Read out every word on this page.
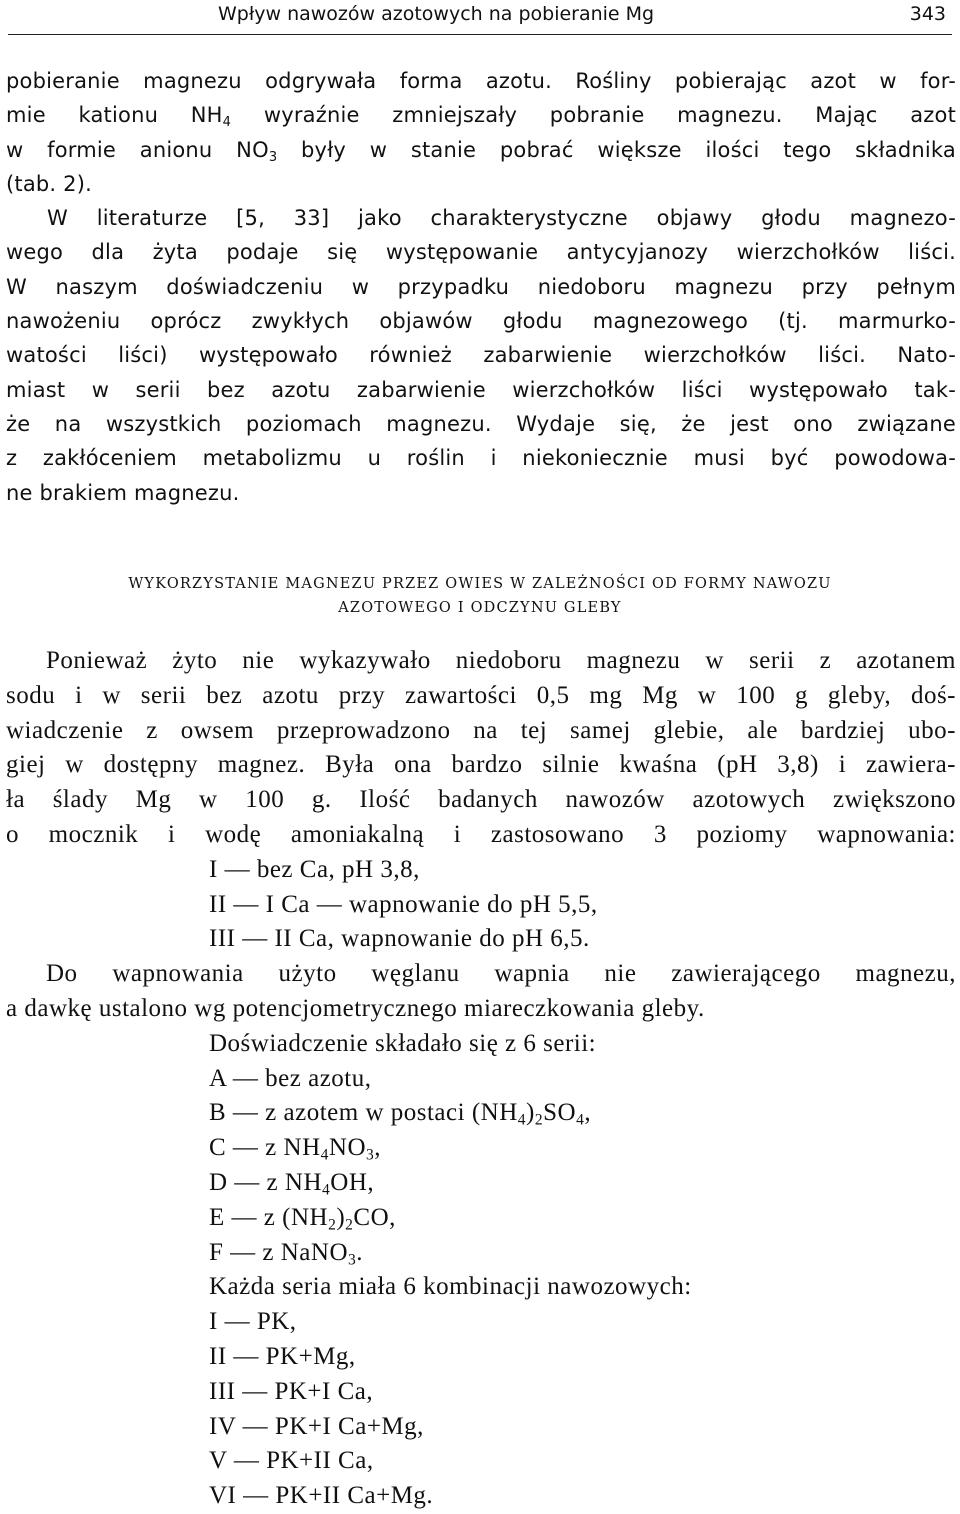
Wpływ nawozów azotowych na pobieranie Mg	343
pobieranie magnezu odgrywała forma azotu. Rośliny pobierając azot w for-
mie kationu $NH_4$ wyraźnie zmniejszały pobranie magnezu. Mając azot
w formie anionu $NO_3$ były w stanie pobrać większe ilości tego składnika
(tab. 2).
W literaturze [5, 33] jako charakterystyczne objawy głodu magnezo-
wego dla żyta podaje się występowanie antycyjanozy wierzchołków liści.
W naszym doświadczeniu w przypadku niedoboru magnezu przy pełnym
nawożeniu oprócz zwykłych objawów głodu magnezowego (tj. marmurko-
watości liści) występowało również zabarwienie wierzchołków liści. Nato-
miast w serii bez azotu zabarwienie wierzchołków liści występowało tak-
że na wszystkich poziomach magnezu. Wydaje się, że jest ono związane
z zakłóceniem metabolizmu u roślin i niekoniecznie musi być powodowa-
ne brakiem magnezu.
WYKORZYSTANIE MAGNEZU PRZEZ OWIES W ZALEŻNOŚCI OD FORMY NAWOZU
AZOTOWEGO I ODCZYNU GLEBY
Ponieważ żyto nie wykazywało niedoboru magnezu w serii z azotanem
sodu i w serii bez azotu przy zawartości 0,5 mg Mg w 100 g gleby, doś-
wiadczenie z owsem przeprowadzono na tej samej glebie, ale bardziej ubo-
giej w dostępny magnez. Była ona bardzo silnie kwaśna (pH 3,8) i zawiera-
ła ślady Mg w 100 g. Ilość badanych nawozów azotowych zwiększono
o mocznik i wodę amoniakalną i zastosowano 3 poziomy wapnowania:
I — bez Ca, pH 3,8,
II — I Ca — wapnowanie do pH 5,5,
III — II Ca, wapnowanie do pH 6,5.
Do wapnowania użyto węglanu wapnia nie zawierającego magnezu,
a dawkę ustalono wg potencjometrycznego miareczkowania gleby.
Doświadczenie składało się z 6 serii:
A — bez azotu,
B — z azotem w postaci $(NH_4)_2SO_4$,
C — z $NH_4NO_3$,
D — z $NH_4OH$,
E — z $(NH_2)_2CO$,
F — z NaNO$_3$.
Każda seria miała 6 kombinacji nawozowych:
I — PK,
II — PK+Mg,
III — PK+I Ca,
IV — PK+I Ca+Mg,
V — PK+II Ca,
VI — PK+II Ca+Mg.
